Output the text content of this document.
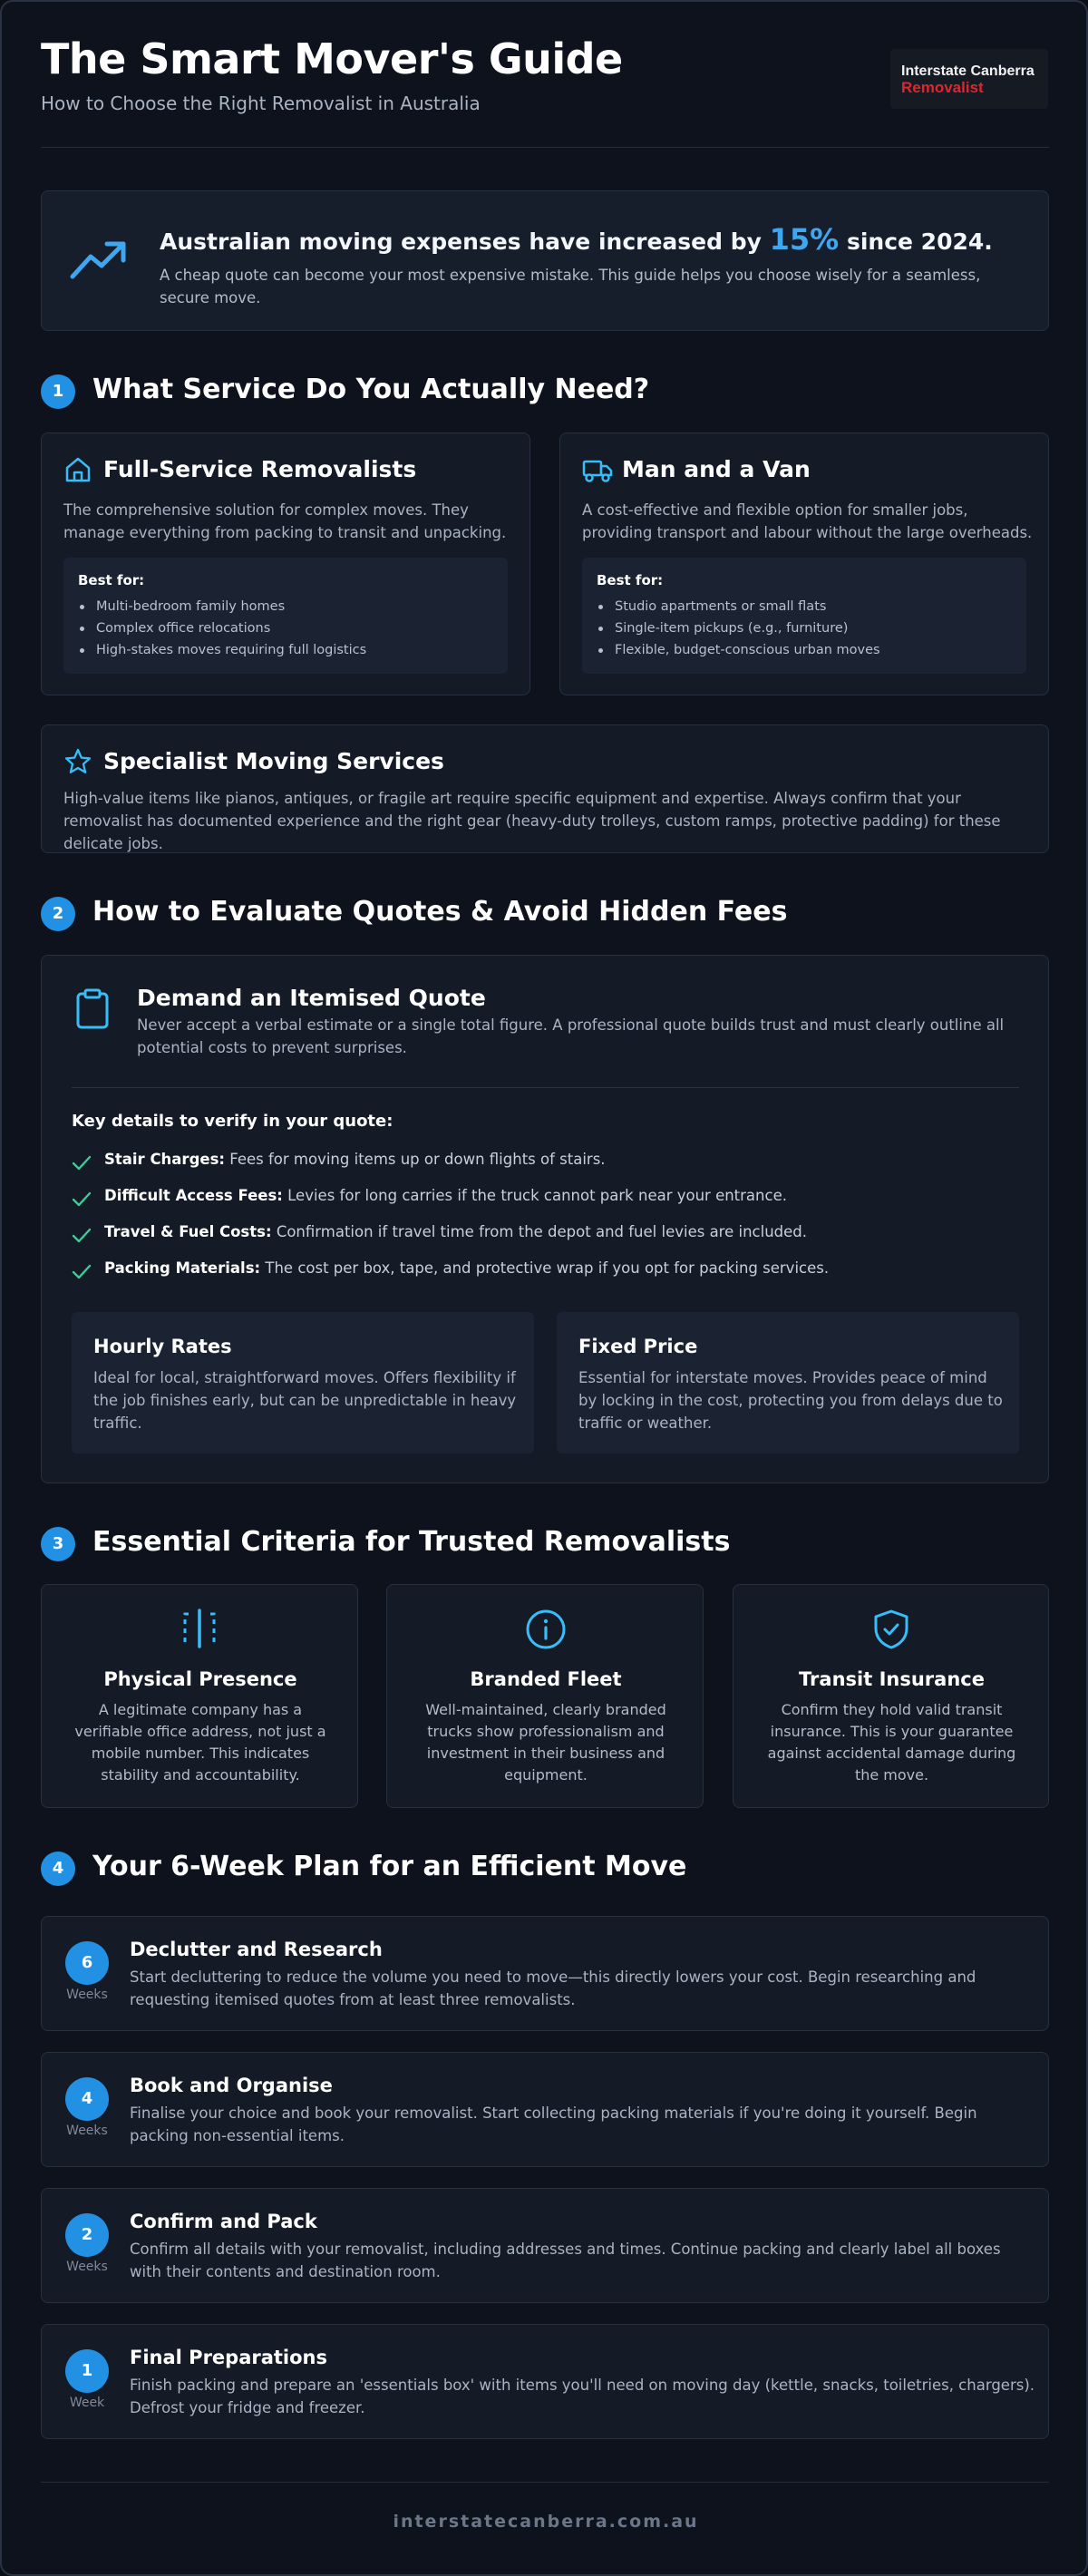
The Smart Mover's Guide
How to Choose the Right Removalist in Australia
Interstate Canberra
Removalist
Australian moving expenses have increased by 15% since 2024.
A cheap quote can become your most expensive mistake. This guide helps you choose wisely for a seamless, secure move.
1	What Service Do You Actually Need?
Full-Service Removalists
The comprehensive solution for complex moves. They manage everything from packing to transit and unpacking.
Best for:
Multi-bedroom family homes
Complex office relocations
High-stakes moves requiring full logistics
Man and a Van
A cost-effective and flexible option for smaller jobs, providing transport and labour without the large overheads.
Best for:
Studio apartments or small flats
Single-item pickups (e.g., furniture)
Flexible, budget-conscious urban moves
Specialist Moving Services
High-value items like pianos, antiques, or fragile art require specific equipment and expertise. Always confirm that your removalist has documented experience and the right gear (heavy-duty trolleys, custom ramps, protective padding) for these delicate jobs.
2	How to Evaluate Quotes & Avoid Hidden Fees
Demand an Itemised Quote
Never accept a verbal estimate or a single total figure. A professional quote builds trust and must clearly outline all potential costs to prevent surprises.
Key details to verify in your quote:
Stair Charges: Fees for moving items up or down flights of stairs.
Difficult Access Fees: Levies for long carries if the truck cannot park near your entrance.
Travel & Fuel Costs: Confirmation if travel time from the depot and fuel levies are included.
Packing Materials: The cost per box, tape, and protective wrap if you opt for packing services.
Hourly Rates
Ideal for local, straightforward moves. Offers flexibility if the job finishes early, but can be unpredictable in heavy traffic.
Fixed Price
Essential for interstate moves. Provides peace of mind by locking in the cost, protecting you from delays due to traffic or weather.
3	Essential Criteria for Trusted Removalists
Physical Presence
A legitimate company has a verifiable office address, not just a mobile number. This indicates stability and accountability.
Branded Fleet
Well-maintained, clearly branded trucks show professionalism and investment in their business and equipment.
Transit Insurance
Confirm they hold valid transit insurance. This is your guarantee against accidental damage during the move.
4	Your 6-Week Plan for an Efficient Move
6
Weeks
Declutter and Research
Start decluttering to reduce the volume you need to move—this directly lowers your cost. Begin researching and requesting itemised quotes from at least three removalists.
4
Weeks
Book and Organise
Finalise your choice and book your removalist. Start collecting packing materials if you're doing it yourself. Begin packing non-essential items.
2
Weeks
Confirm and Pack
Confirm all details with your removalist, including addresses and times. Continue packing and clearly label all boxes with their contents and destination room.
1
Week
Final Preparations
Finish packing and prepare an 'essentials box' with items you'll need on moving day (kettle, snacks, toiletries, chargers). Defrost your fridge and freezer.
interstatecanberra.com.au
